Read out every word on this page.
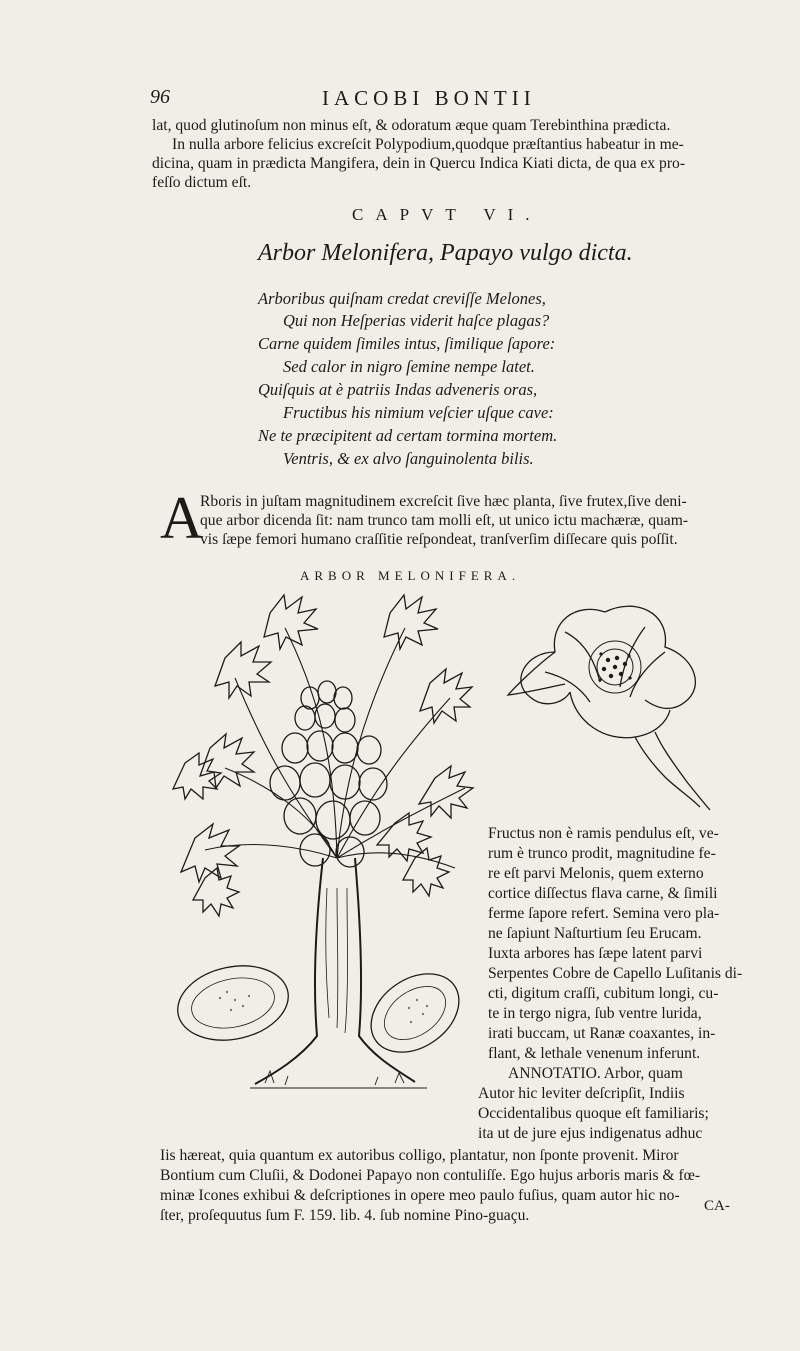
96	IACOBI BONTII
lat, quod glutinoſum non minus eſt, & odoratum æque quam Terebinthina prædicta.
In nulla arbore felicius excreſcit Polypodium,quodque præſtantius habeatur in me-
dicina, quam in prædicta Mangifera, dein in Quercu Indica Kiati dicta, de qua ex pro-
feſſo dictum eſt.
CAPVT VI.
Arbor Melonifera, Papayo vulgo dicta.
Arboribus quiſnam credat creviſſe Melones,
Qui non Heſperias viderit haſce plagas?
Carne quidem ſimiles intus, ſimilique ſapore:
Sed calor in nigro ſemine nempe latet.
Quiſquis at è patriis Indas adveneris oras,
Fructibus his nimium veſcier uſque cave:
Ne te præcipitent ad certam tormina mortem.
Ventris, & ex alvo ſanguinolenta bilis.
A
Rboris in juſtam magnitudinem excreſcit ſive hæc planta, ſive frutex,ſive deni-
que arbor dicenda ſit: nam trunco tam molli eſt, ut unico ictu machæræ, quam-
vis ſæpe femori humano craſſitie reſpondeat, tranſverſim diſſecare quis poſſit.
ARBOR MELONIFERA.
Fructus non è ramis pendulus eſt, ve-
rum è trunco prodit, magnitudine fe-
re eſt parvi Melonis, quem externo
cortice diſſectus flava carne, & ſimili
ferme ſapore refert. Semina vero pla-
ne ſapiunt Naſturtium ſeu Erucam.
Iuxta arbores has ſæpe latent parvi
Serpentes Cobre de Capello Luſitanis di-
cti, digitum craſſi, cubitum longi, cu-
te in tergo nigra, ſub ventre lurida,
irati buccam, ut Ranæ coaxantes, in-
flant, & lethale venenum inferunt.
ANNOTATIO. Arbor, quam
Autor hic leviter deſcripſit, Indiis
Occidentalibus quoque eſt familiaris;
ita ut de jure ejus indigenatus adhuc
Iis hæreat, quia quantum ex autoribus colligo, plantatur, non ſponte provenit. Miror
Bontium cum Cluſii, & Dodonei Papayo non contuliſſe. Ego hujus arboris maris & fœ-
minæ Icones exhibui & deſcriptiones in opere meo paulo fuſius, quam autor hic no-
ſter, proſequutus ſum F. 159. lib. 4. ſub nomine Pino-guaçu.
CA-
